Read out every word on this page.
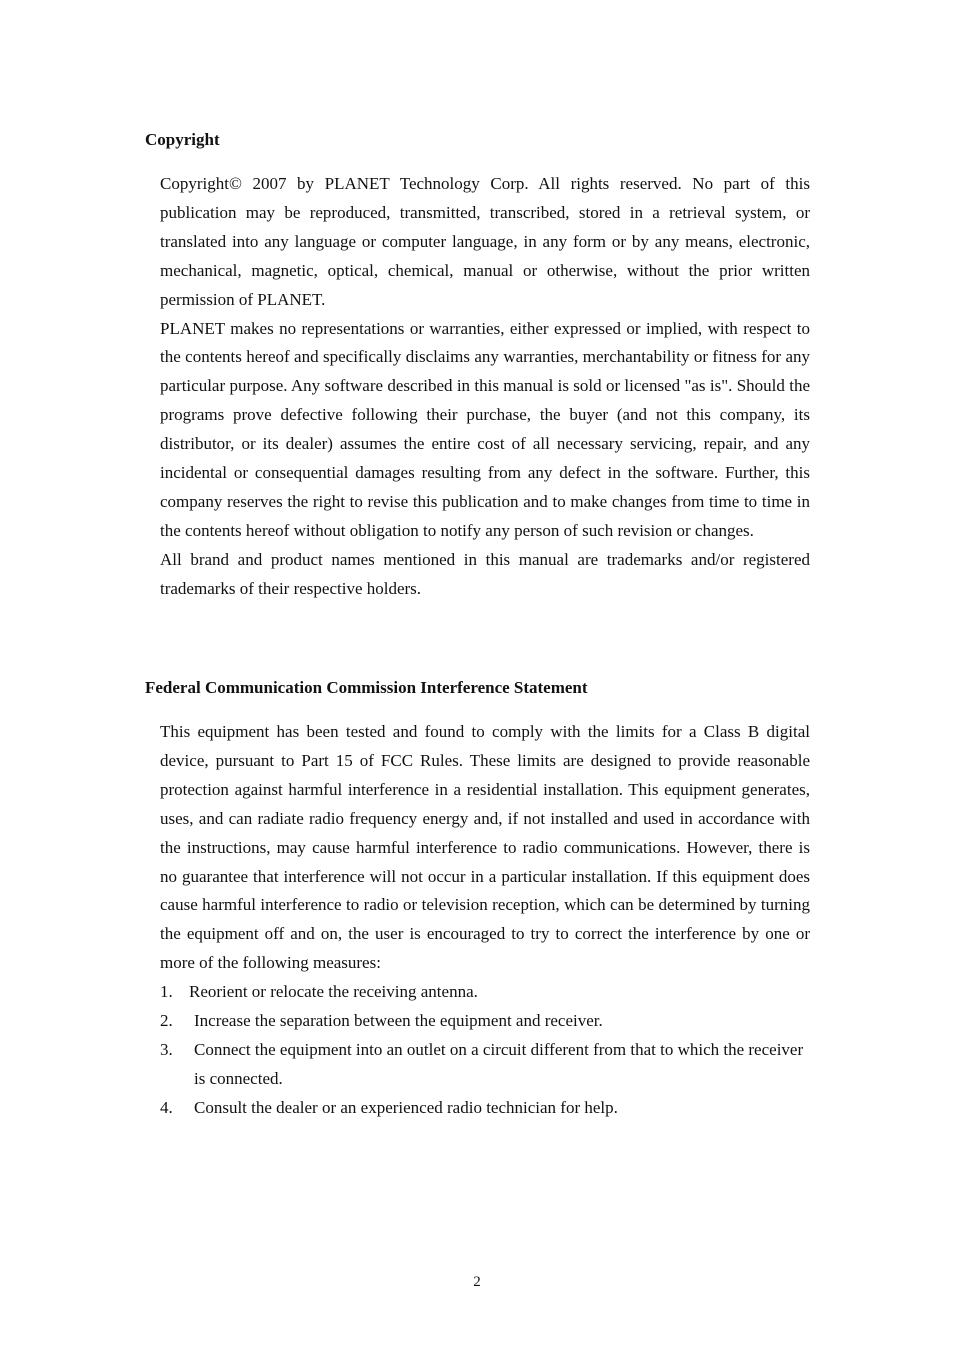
Copyright

Copyright© 2007 by PLANET Technology Corp. All rights reserved. No part of this publication may be reproduced, transmitted, transcribed, stored in a retrieval system, or translated into any language or computer language, in any form or by any means, electronic, mechanical, magnetic, optical, chemical, manual or otherwise, without the prior written permission of PLANET.

PLANET makes no representations or warranties, either expressed or implied, with respect to the contents hereof and specifically disclaims any warranties, merchantability or fitness for any particular purpose. Any software described in this manual is sold or licensed "as is". Should the programs prove defective following their purchase, the buyer (and not this company, its distributor, or its dealer) assumes the entire cost of all necessary servicing, repair, and any incidental or consequential damages resulting from any defect in the software. Further, this company reserves the right to revise this publication and to make changes from time to time in the contents hereof without obligation to notify any person of such revision or changes.

All brand and product names mentioned in this manual are trademarks and/or registered trademarks of their respective holders.

Federal Communication Commission Interference Statement

This equipment has been tested and found to comply with the limits for a Class B digital device, pursuant to Part 15 of FCC Rules. These limits are designed to provide reasonable protection against harmful interference in a residential installation. This equipment generates, uses, and can radiate radio frequency energy and, if not installed and used in accordance with the instructions, may cause harmful interference to radio communications. However, there is no guarantee that interference will not occur in a particular installation. If this equipment does cause harmful interference to radio or television reception, which can be determined by turning the equipment off and on, the user is encouraged to try to correct the interference by one or more of the following measures:

1. Reorient or relocate the receiving antenna.
2.	Increase the separation between the equipment and receiver.
3.	Connect the equipment into an outlet on a circuit different from that to which the receiver is connected.
4.	Consult the dealer or an experienced radio technician for help.
2
